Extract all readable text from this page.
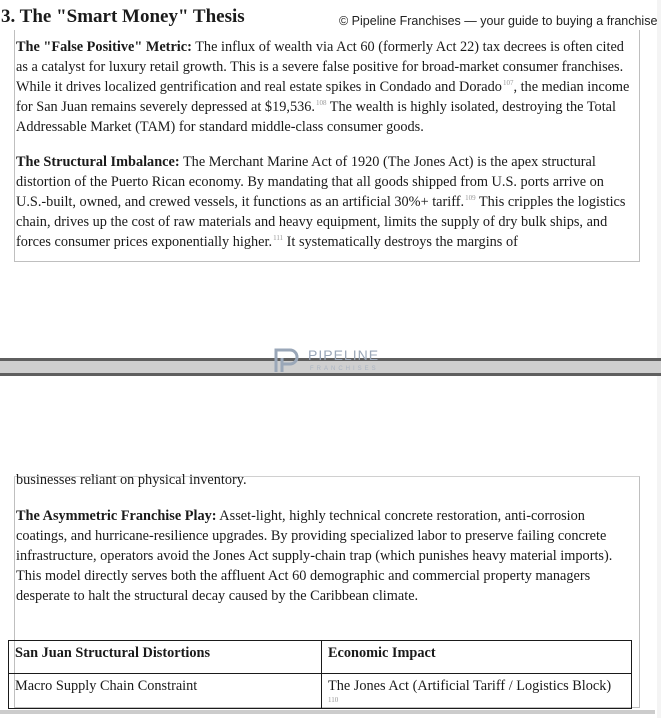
3. The "Smart Money" Thesis	© Pipeline Franchises — your guide to buying a franchise

The "False Positive" Metric: The influx of wealth via Act 60 (formerly Act 22) tax decrees is often cited as a catalyst for luxury retail growth. This is a severe false positive for broad-market consumer franchises. While it drives localized gentrification and real estate spikes in Condado and Dorado$^{107}$, the median income for San Juan remains severely depressed at $19,536.$^{108}$ The wealth is highly isolated, destroying the Total Addressable Market (TAM) for standard middle-class consumer goods.

The Structural Imbalance: The Merchant Marine Act of 1920 (The Jones Act) is the apex structural distortion of the Puerto Rican economy. By mandating that all goods shipped from U.S. ports arrive on U.S.-built, owned, and crewed vessels, it functions as an artificial 30%+ tariff.$^{109}$ This cripples the logistics chain, drives up the cost of raw materials and heavy equipment, limits the supply of dry bulk ships, and forces consumer prices exponentially higher.$^{111}$ It systematically destroys the margins of

PIPELINE
FRANCHISES

businesses reliant on physical inventory.

The Asymmetric Franchise Play: Asset-light, highly technical concrete restoration, anti-corrosion coatings, and hurricane-resilience upgrades. By providing specialized labor to preserve failing concrete infrastructure, operators avoid the Jones Act supply-chain trap (which punishes heavy material imports). This model directly serves both the affluent Act 60 demographic and commercial property managers desperate to halt the structural decay caused by the Caribbean climate.

San Juan Structural Distortions	Economic Impact
Macro Supply Chain Constraint	The Jones Act (Artificial Tariff / Logistics Block)
110
